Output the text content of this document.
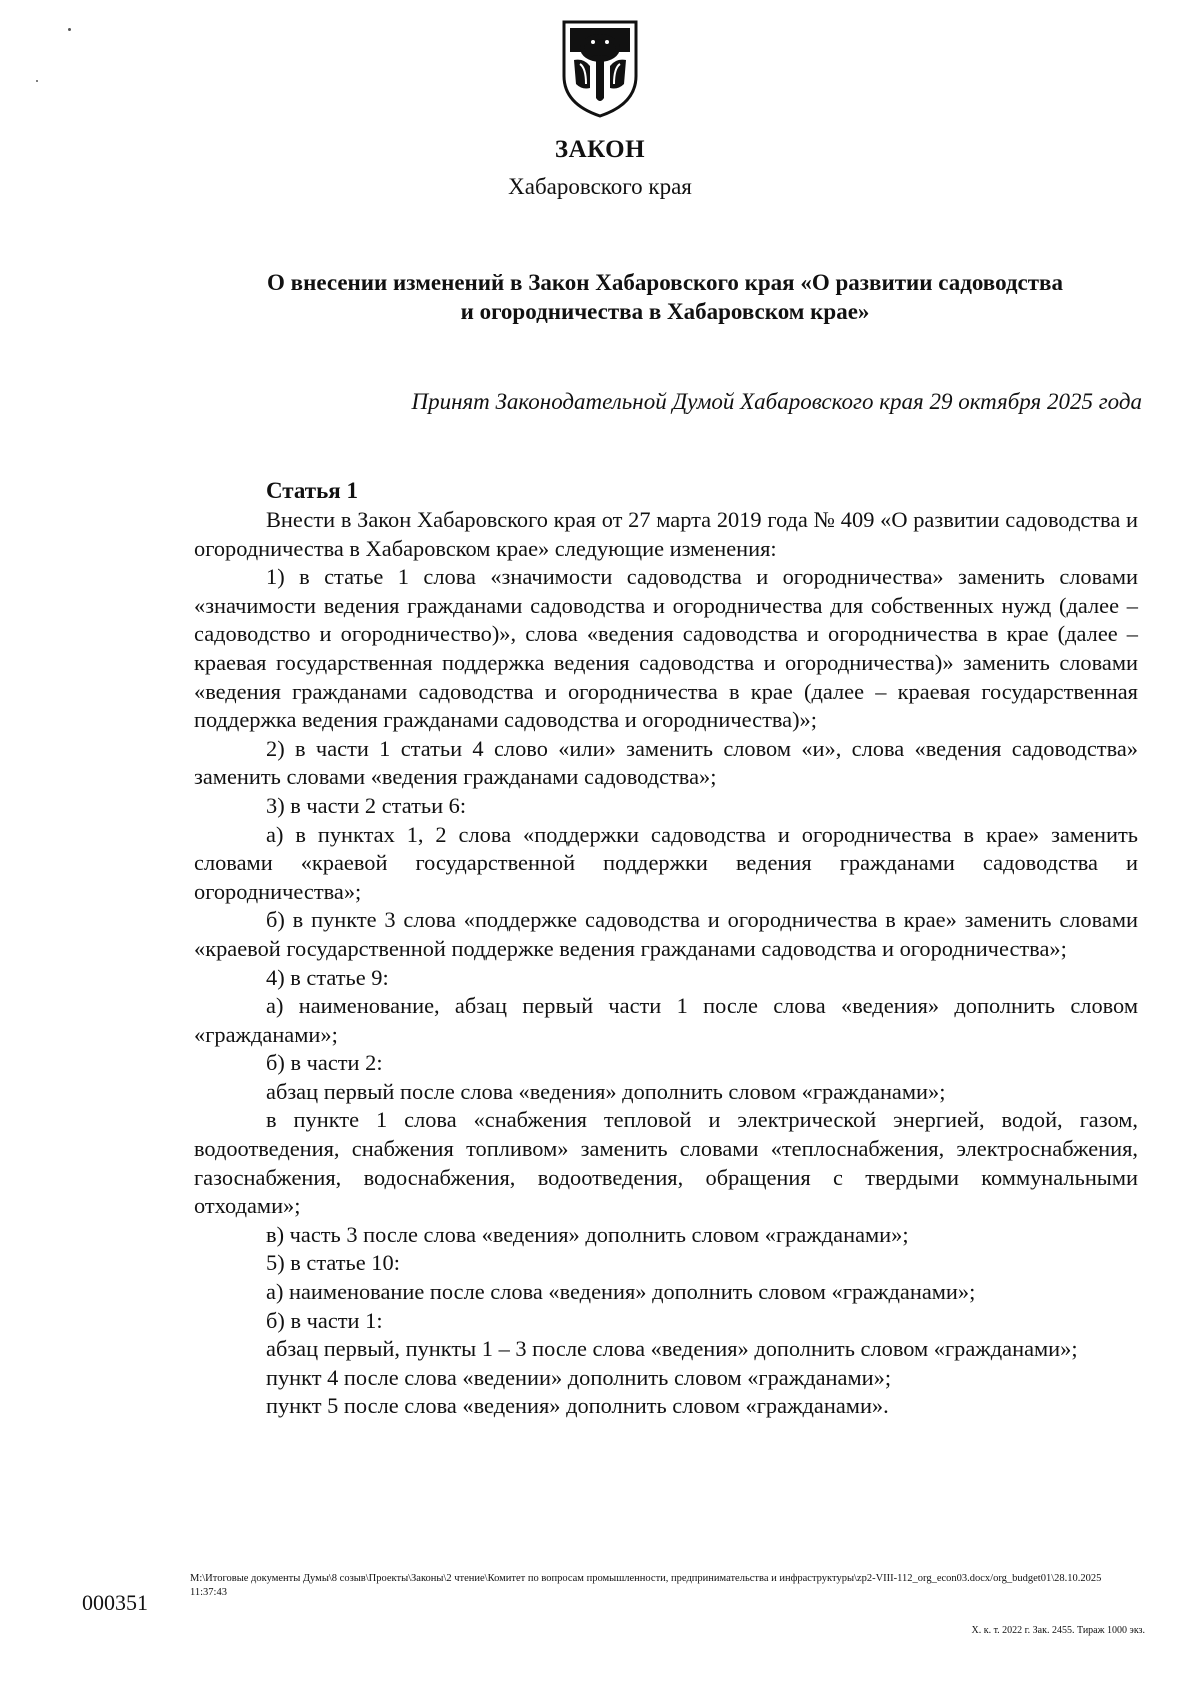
ЗАКОН
Хабаровского края
О внесении изменений в Закон Хабаровского края «О развитии садоводства
и огородничества в Хабаровском крае»
Принят Законодательной Думой Хабаровского края 29 октября 2025 года
Статья 1

Внести в Закон Хабаровского края от 27 марта 2019 года № 409 «О развитии садоводства и огородничества в Хабаровском крае» следующие изменения:

1) в статье 1 слова «значимости садоводства и огородничества» заменить словами «значимости ведения гражданами садоводства и огородничества для собственных нужд (далее – садоводство и огородничество)», слова «ведения садоводства и огородничества в крае (далее – краевая государственная поддержка ведения садоводства и огородничества)» заменить словами «ведения гражданами садоводства и огородничества в крае (далее – краевая государственная поддержка ведения гражданами садоводства и огородничества)»;

2) в части 1 статьи 4 слово «или» заменить словом «и», слова «ведения садоводства» заменить словами «ведения гражданами садоводства»;

3) в части 2 статьи 6:

а) в пунктах 1, 2 слова «поддержки садоводства и огородничества в крае» заменить словами «краевой государственной поддержки ведения гражданами садоводства и огородничества»;

б) в пункте 3 слова «поддержке садоводства и огородничества в крае» заменить словами «краевой государственной поддержке ведения гражданами садоводства и огородничества»;

4) в статье 9:

а) наименование, абзац первый части 1 после слова «ведения» дополнить словом «гражданами»;

б) в части 2:

абзац первый после слова «ведения» дополнить словом «гражданами»;

в пункте 1 слова «снабжения тепловой и электрической энергией, водой, газом, водоотведения, снабжения топливом» заменить словами «теплоснабжения, электроснабжения, газоснабжения, водоснабжения, водоотведения, обращения с твердыми коммунальными отходами»;

в) часть 3 после слова «ведения» дополнить словом «гражданами»;

5) в статье 10:

а) наименование после слова «ведения» дополнить словом «гражданами»;

б) в части 1:

абзац первый, пункты 1 – 3 после слова «ведения» дополнить словом «гражданами»;

пункт 4 после слова «ведении» дополнить словом «гражданами»;

пункт 5 после слова «ведения» дополнить словом «гражданами».

000351
M:\Итоговые документы Думы\8 созыв\Проекты\Законы\2 чтение\Комитет по вопросам промышленности, предпринимательства и инфраструктуры\zp2-VIII-112_org_econ03.docx/org_budget01\28.10.2025 11:37:43
Х. к. т. 2022 г. Зак. 2455. Тираж 1000 экз.
